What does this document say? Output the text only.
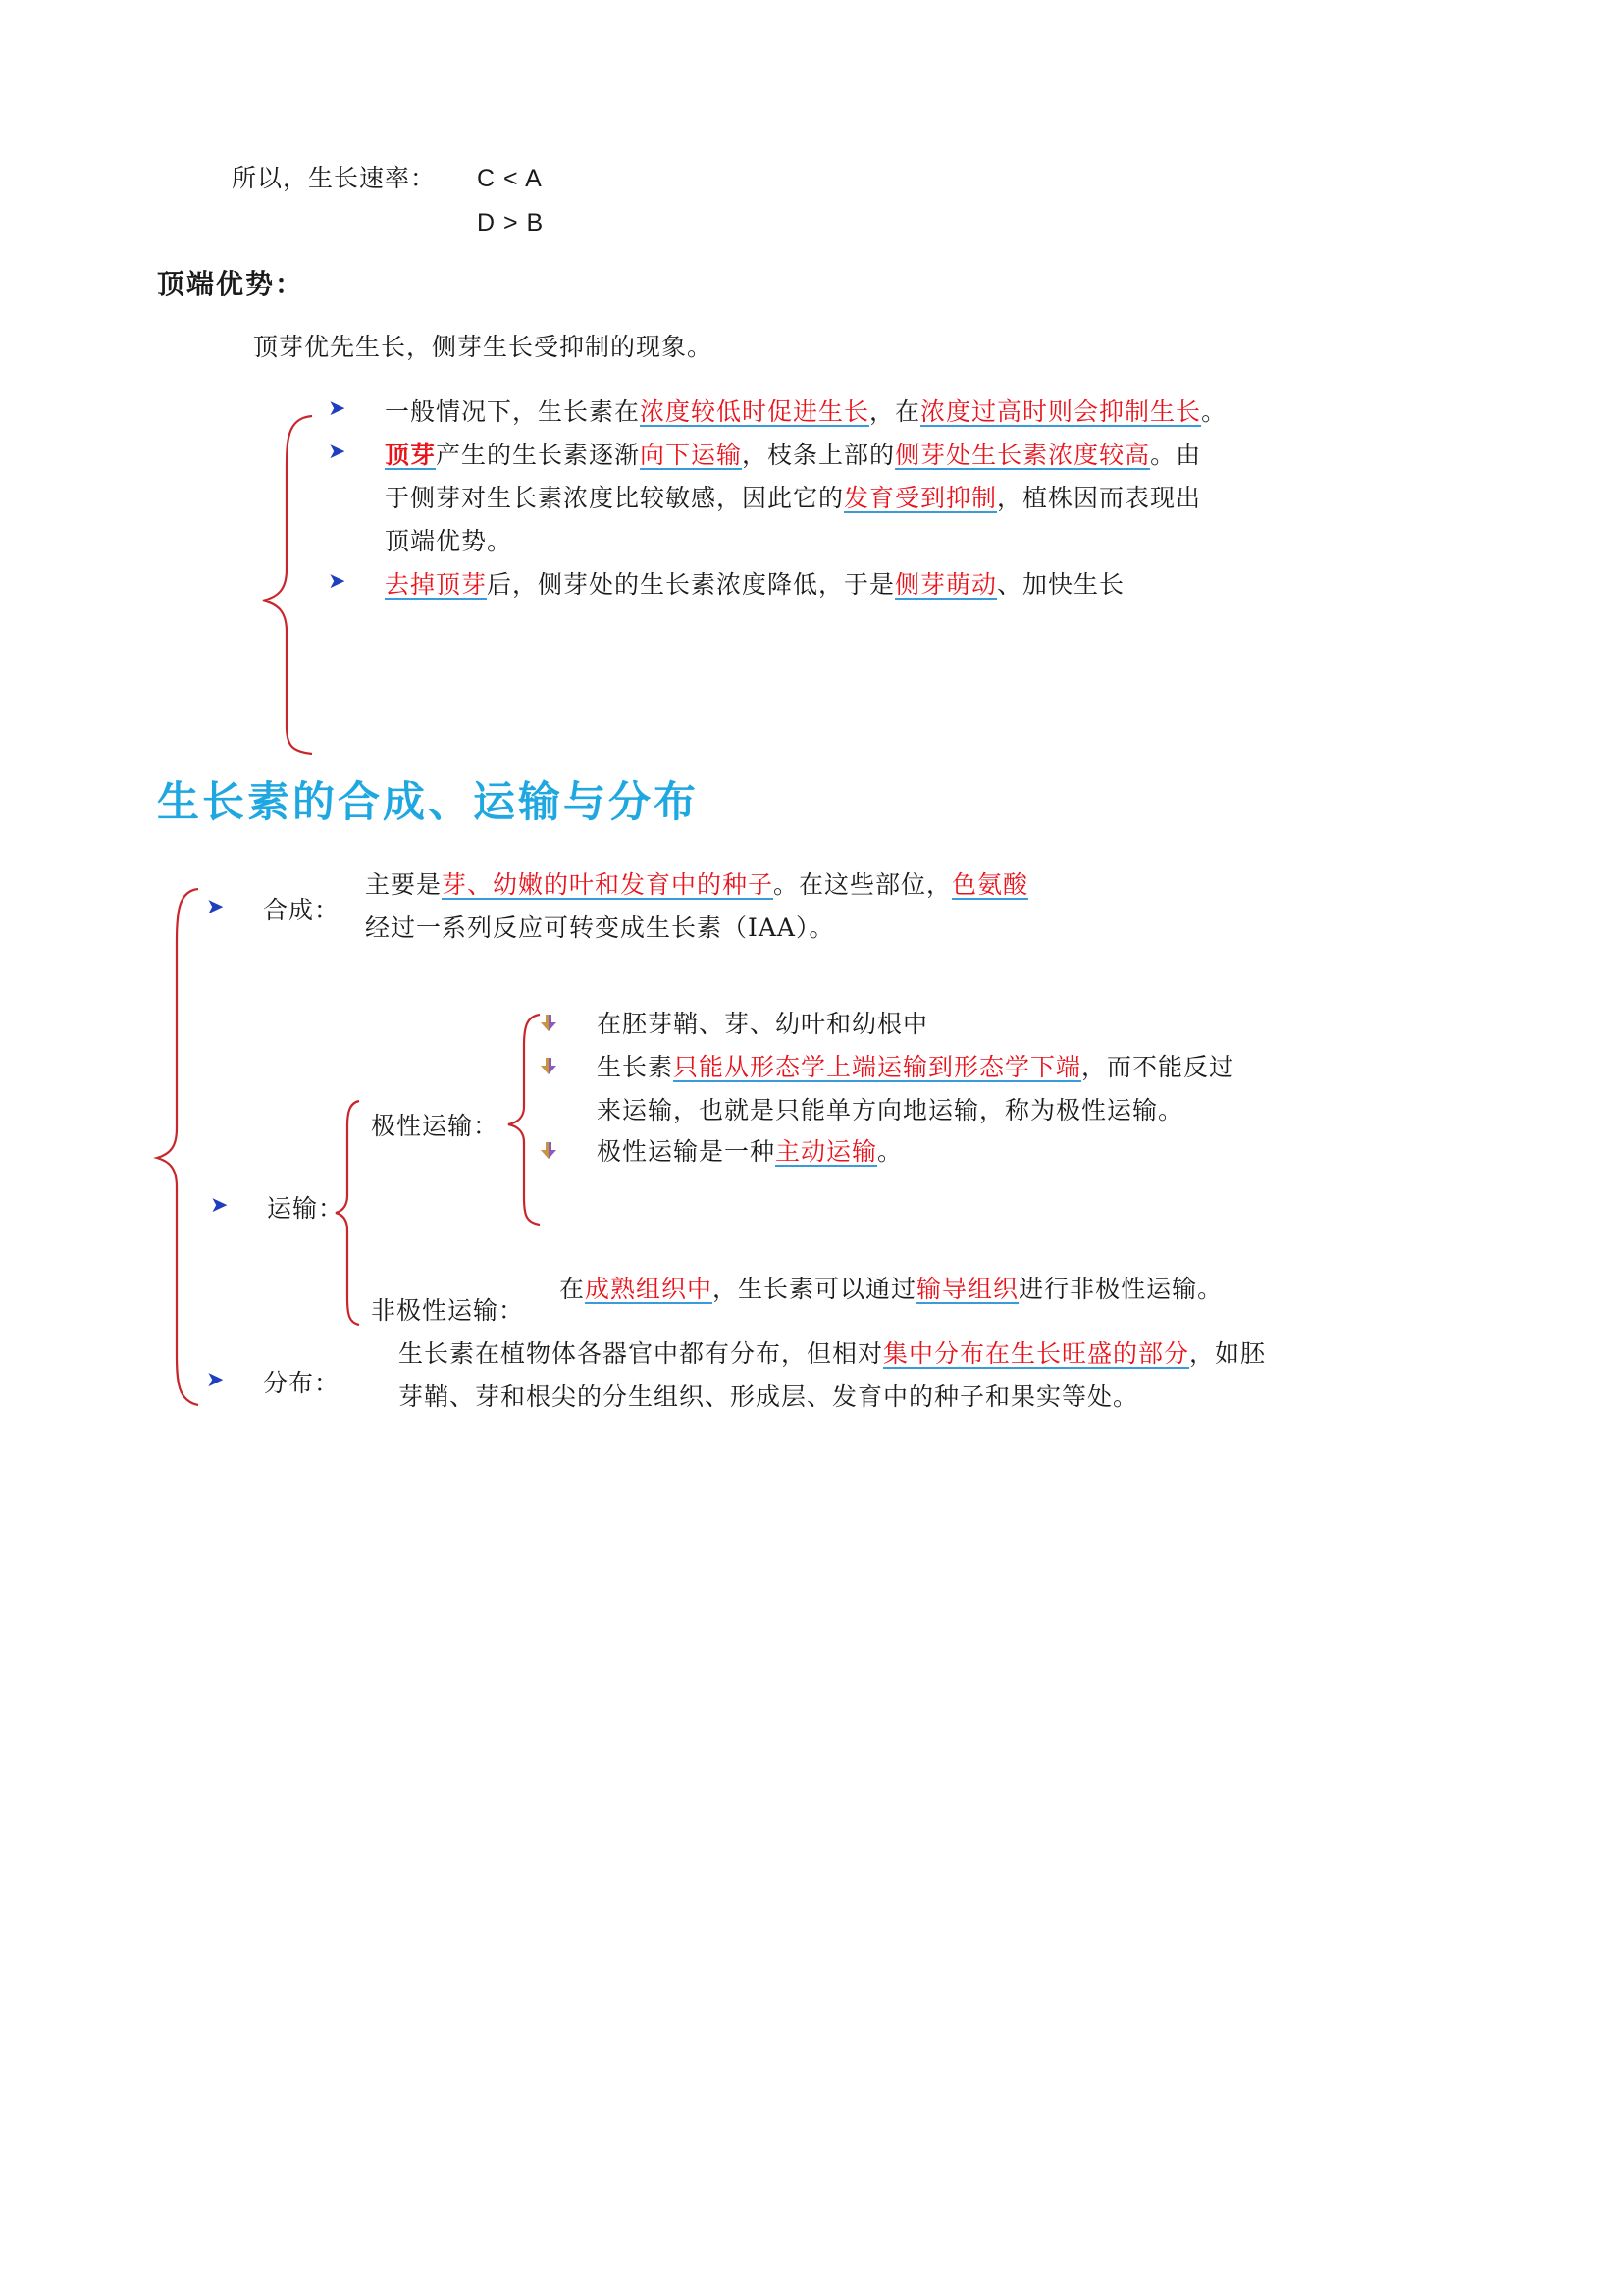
所以，生长速率： C < A
D > B
顶端优势：
顶芽优先生长，侧芽生长受抑制的现象。
➤ 一般情况下，生长素在浓度较低时促进生长，在浓度过高时则会抑制生长。
➤ 顶芽产生的生长素逐渐向下运输，枝条上部的侧芽处生长素浓度较高。由
于侧芽对生长素浓度比较敏感，因此它的发育受到抑制，植株因而表现出
顶端优势。
➤ 去掉顶芽后，侧芽处的生长素浓度降低，于是侧芽萌动、加快生长
生长素的合成、运输与分布
➤ 合成：
主要是芽、幼嫩的叶和发育中的种子。在这些部位，色氨酸
经过一系列反应可转变成生长素（IAA）。
➤ 运输：
极性运输：
在胚芽鞘、芽、幼叶和幼根中
生长素只能从形态学上端运输到形态学下端，而不能反过
来运输，也就是只能单方向地运输，称为极性运输。
极性运输是一种主动运输。
非极性运输：
在成熟组织中，生长素可以通过输导组织进行非极性运输。
➤ 分布：
生长素在植物体各器官中都有分布，但相对集中分布在生长旺盛的部分，如胚
芽鞘、芽和根尖的分生组织、形成层、发育中的种子和果实等处。
